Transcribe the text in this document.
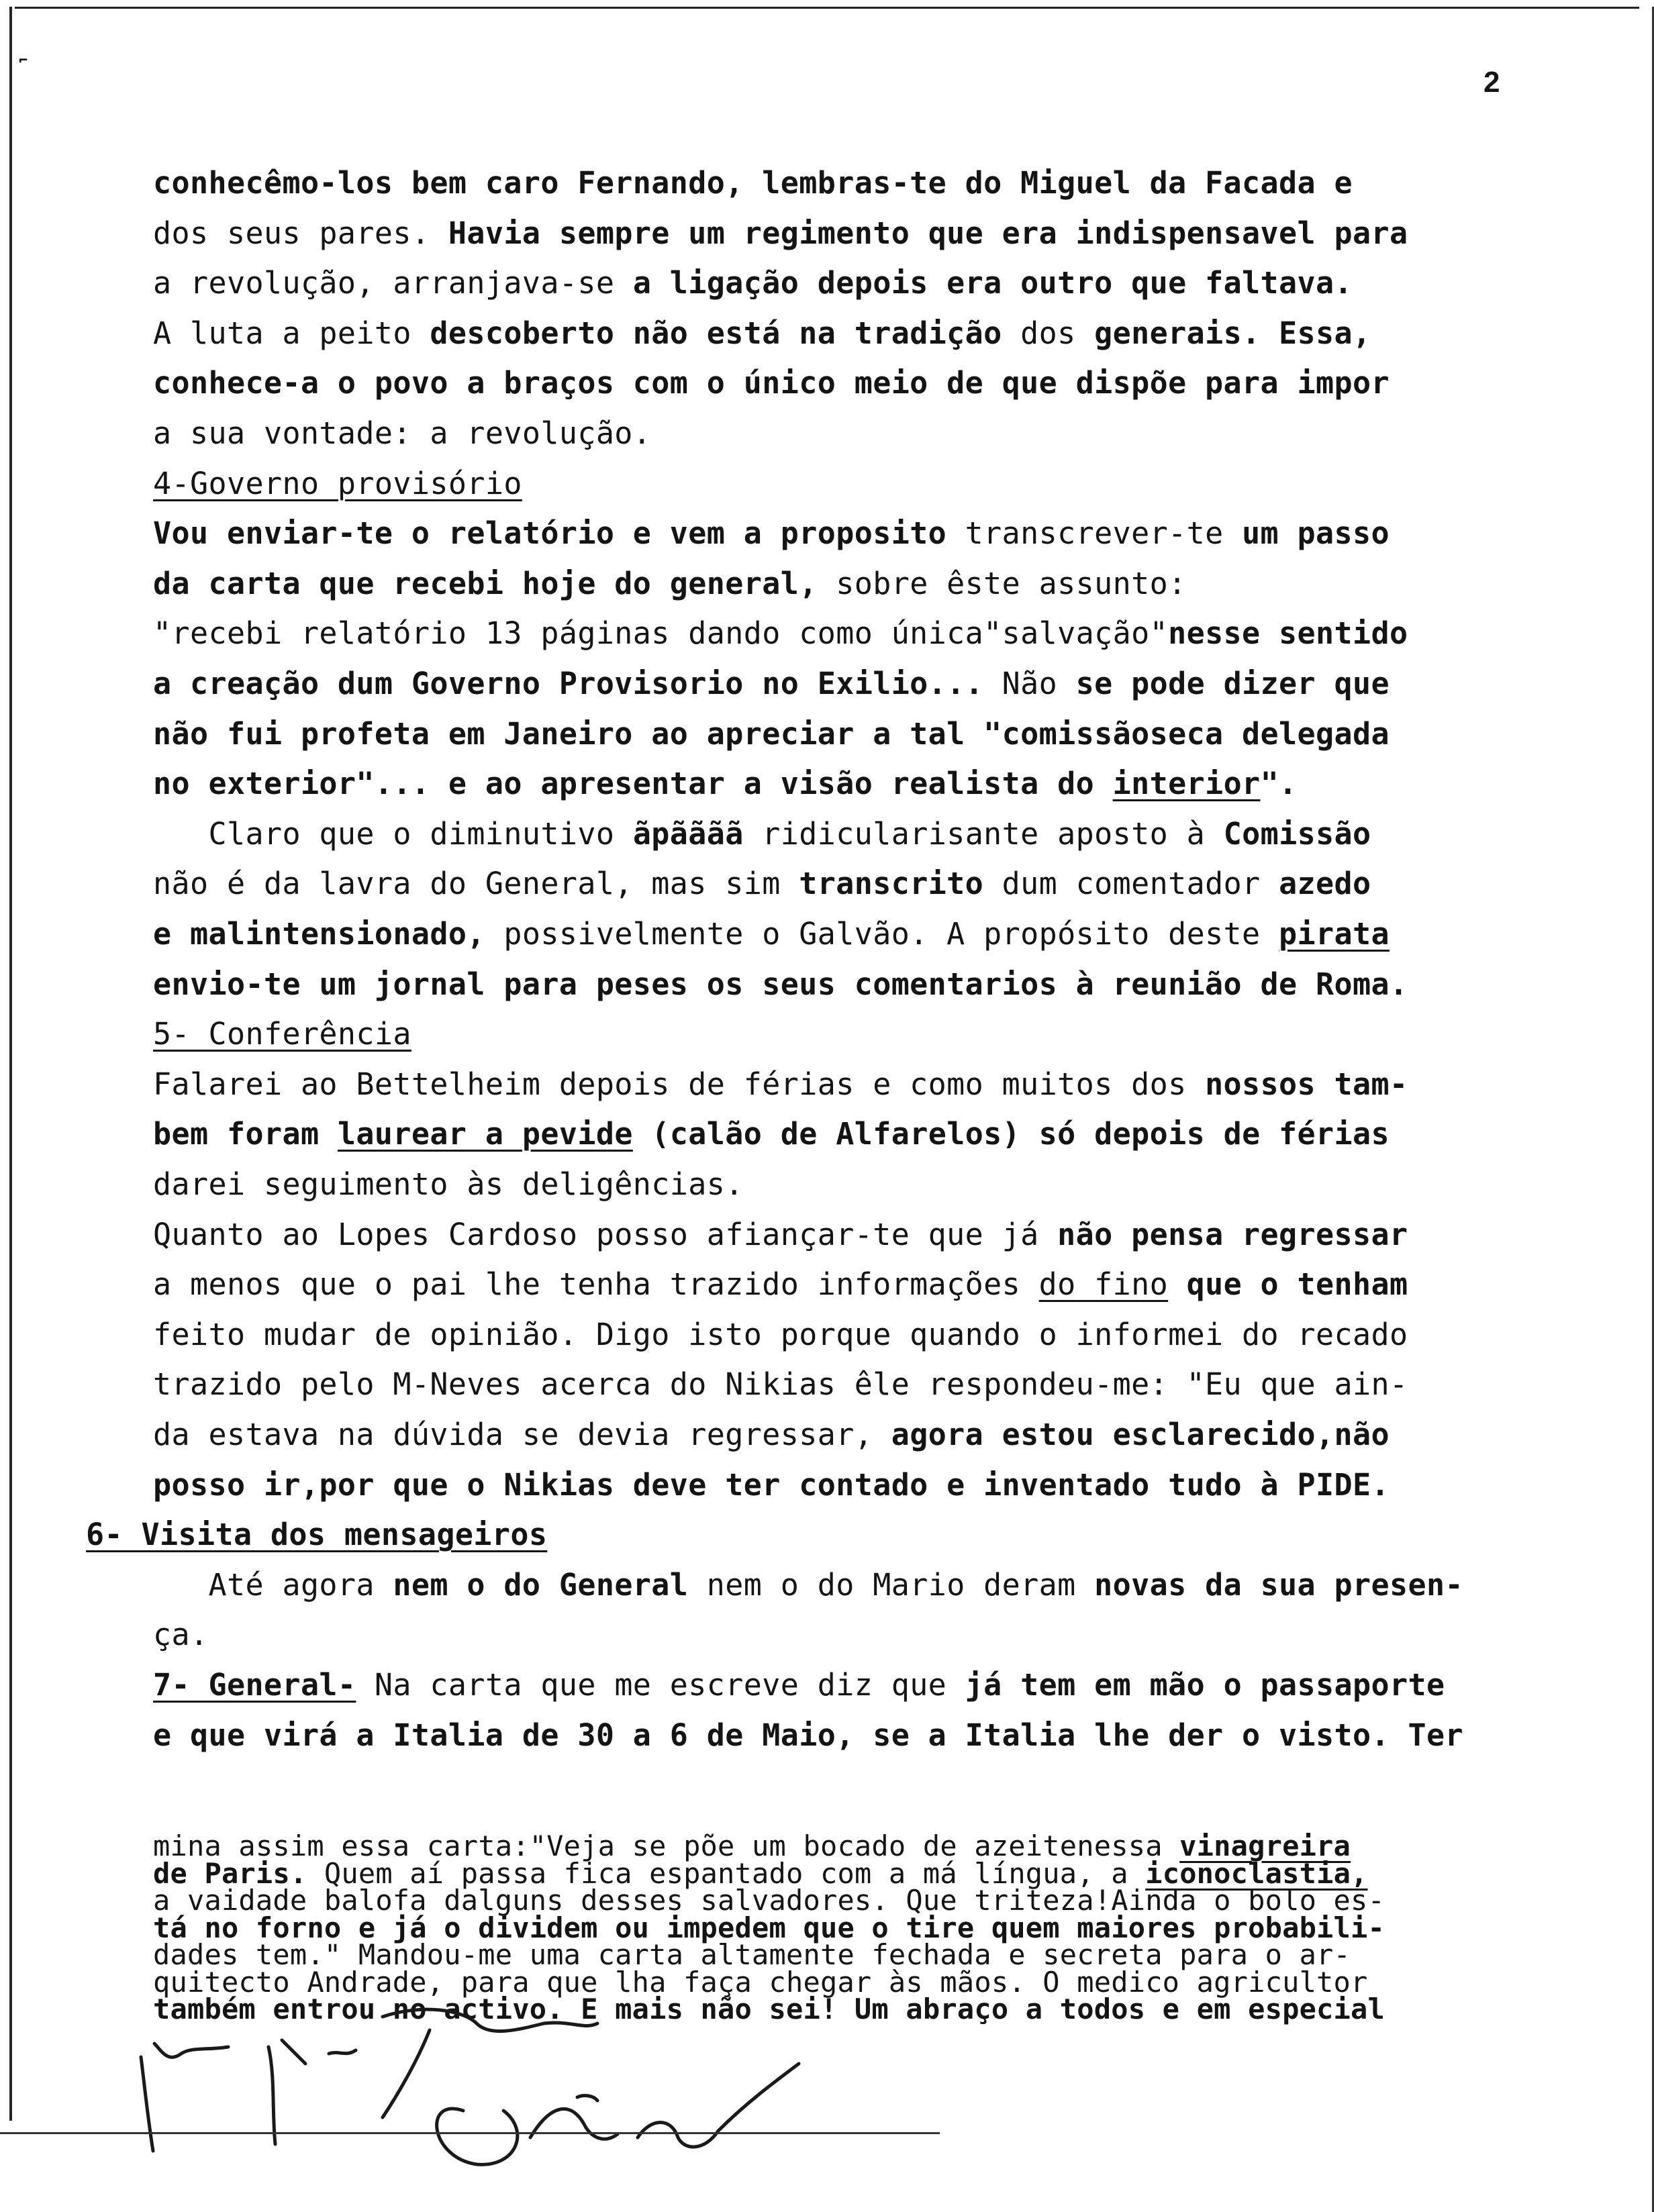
⌐
2
conhecêmo-los bem caro Fernando, lembras-te do Miguel da Facada e
dos seus pares. Havia sempre um regimento que era indispensavel para
a revolução, arranjava-se a ligação depois era outro que faltava.
A luta a peito descoberto não está na tradição dos generais. Essa,
conhece-a o povo a braços com o único meio de que dispõe para impor
a sua vontade: a revolução.
4-Governo provisório
Vou enviar-te o relatório e vem a proposito transcrever-te um passo
da carta que recebi hoje do general, sobre êste assunto:
"recebi relatório 13 páginas dando como única"salvação"nesse sentido
a creação dum Governo Provisorio no Exilio... Não se pode dizer que
não fui profeta em Janeiro ao apreciar a tal "comissãoseca delegada
no exterior"... e ao apresentar a visão realista do interior".
Claro que o diminutivo ãpãããã ridicularisante aposto à Comissão
não é da lavra do General, mas sim transcrito dum comentador azedo
e malintensionado, possivelmente o Galvão. A propósito deste pirata
envio-te um jornal para peses os seus comentarios à reunião de Roma.
5- Conferência
Falarei ao Bettelheim depois de férias e como muitos dos nossos tam-
bem foram laurear a pevide (calão de Alfarelos) só depois de férias
darei seguimento às deligências.
Quanto ao Lopes Cardoso posso afiançar-te que já não pensa regressar
a menos que o pai lhe tenha trazido informações do fino que o tenham
feito mudar de opinião. Digo isto porque quando o informei do recado
trazido pelo M-Neves acerca do Nikias êle respondeu-me: "Eu que ain-
da estava na dúvida se devia regressar, agora estou esclarecido,não
posso ir,por que o Nikias deve ter contado e inventado tudo à PIDE.
6- Visita dos mensageiros
Até agora nem o do General nem o do Mario deram novas da sua presen-
ça.
7- General- Na carta que me escreve diz que já tem em mão o passaporte
e que virá a Italia de 30 a 6 de Maio, se a Italia lhe der o visto. Ter
mina assim essa carta:"Veja se põe um bocado de azeitenessa vinagreira
de Paris. Quem aí passa fica espantado com a má língua, a iconoclastia,
a vaidade balofa dalguns desses salvadores. Que triteza!Ainda o bolo es-
tá no forno e já o dividem ou impedem que o tire quem maiores probabili-
dades tem." Mandou-me uma carta altamente fechada e secreta para o ar-
quitecto Andrade, para que lha faça chegar às mãos. O medico agricultor
também entrou no activo. E mais não sei! Um abraço a todos e em especial
